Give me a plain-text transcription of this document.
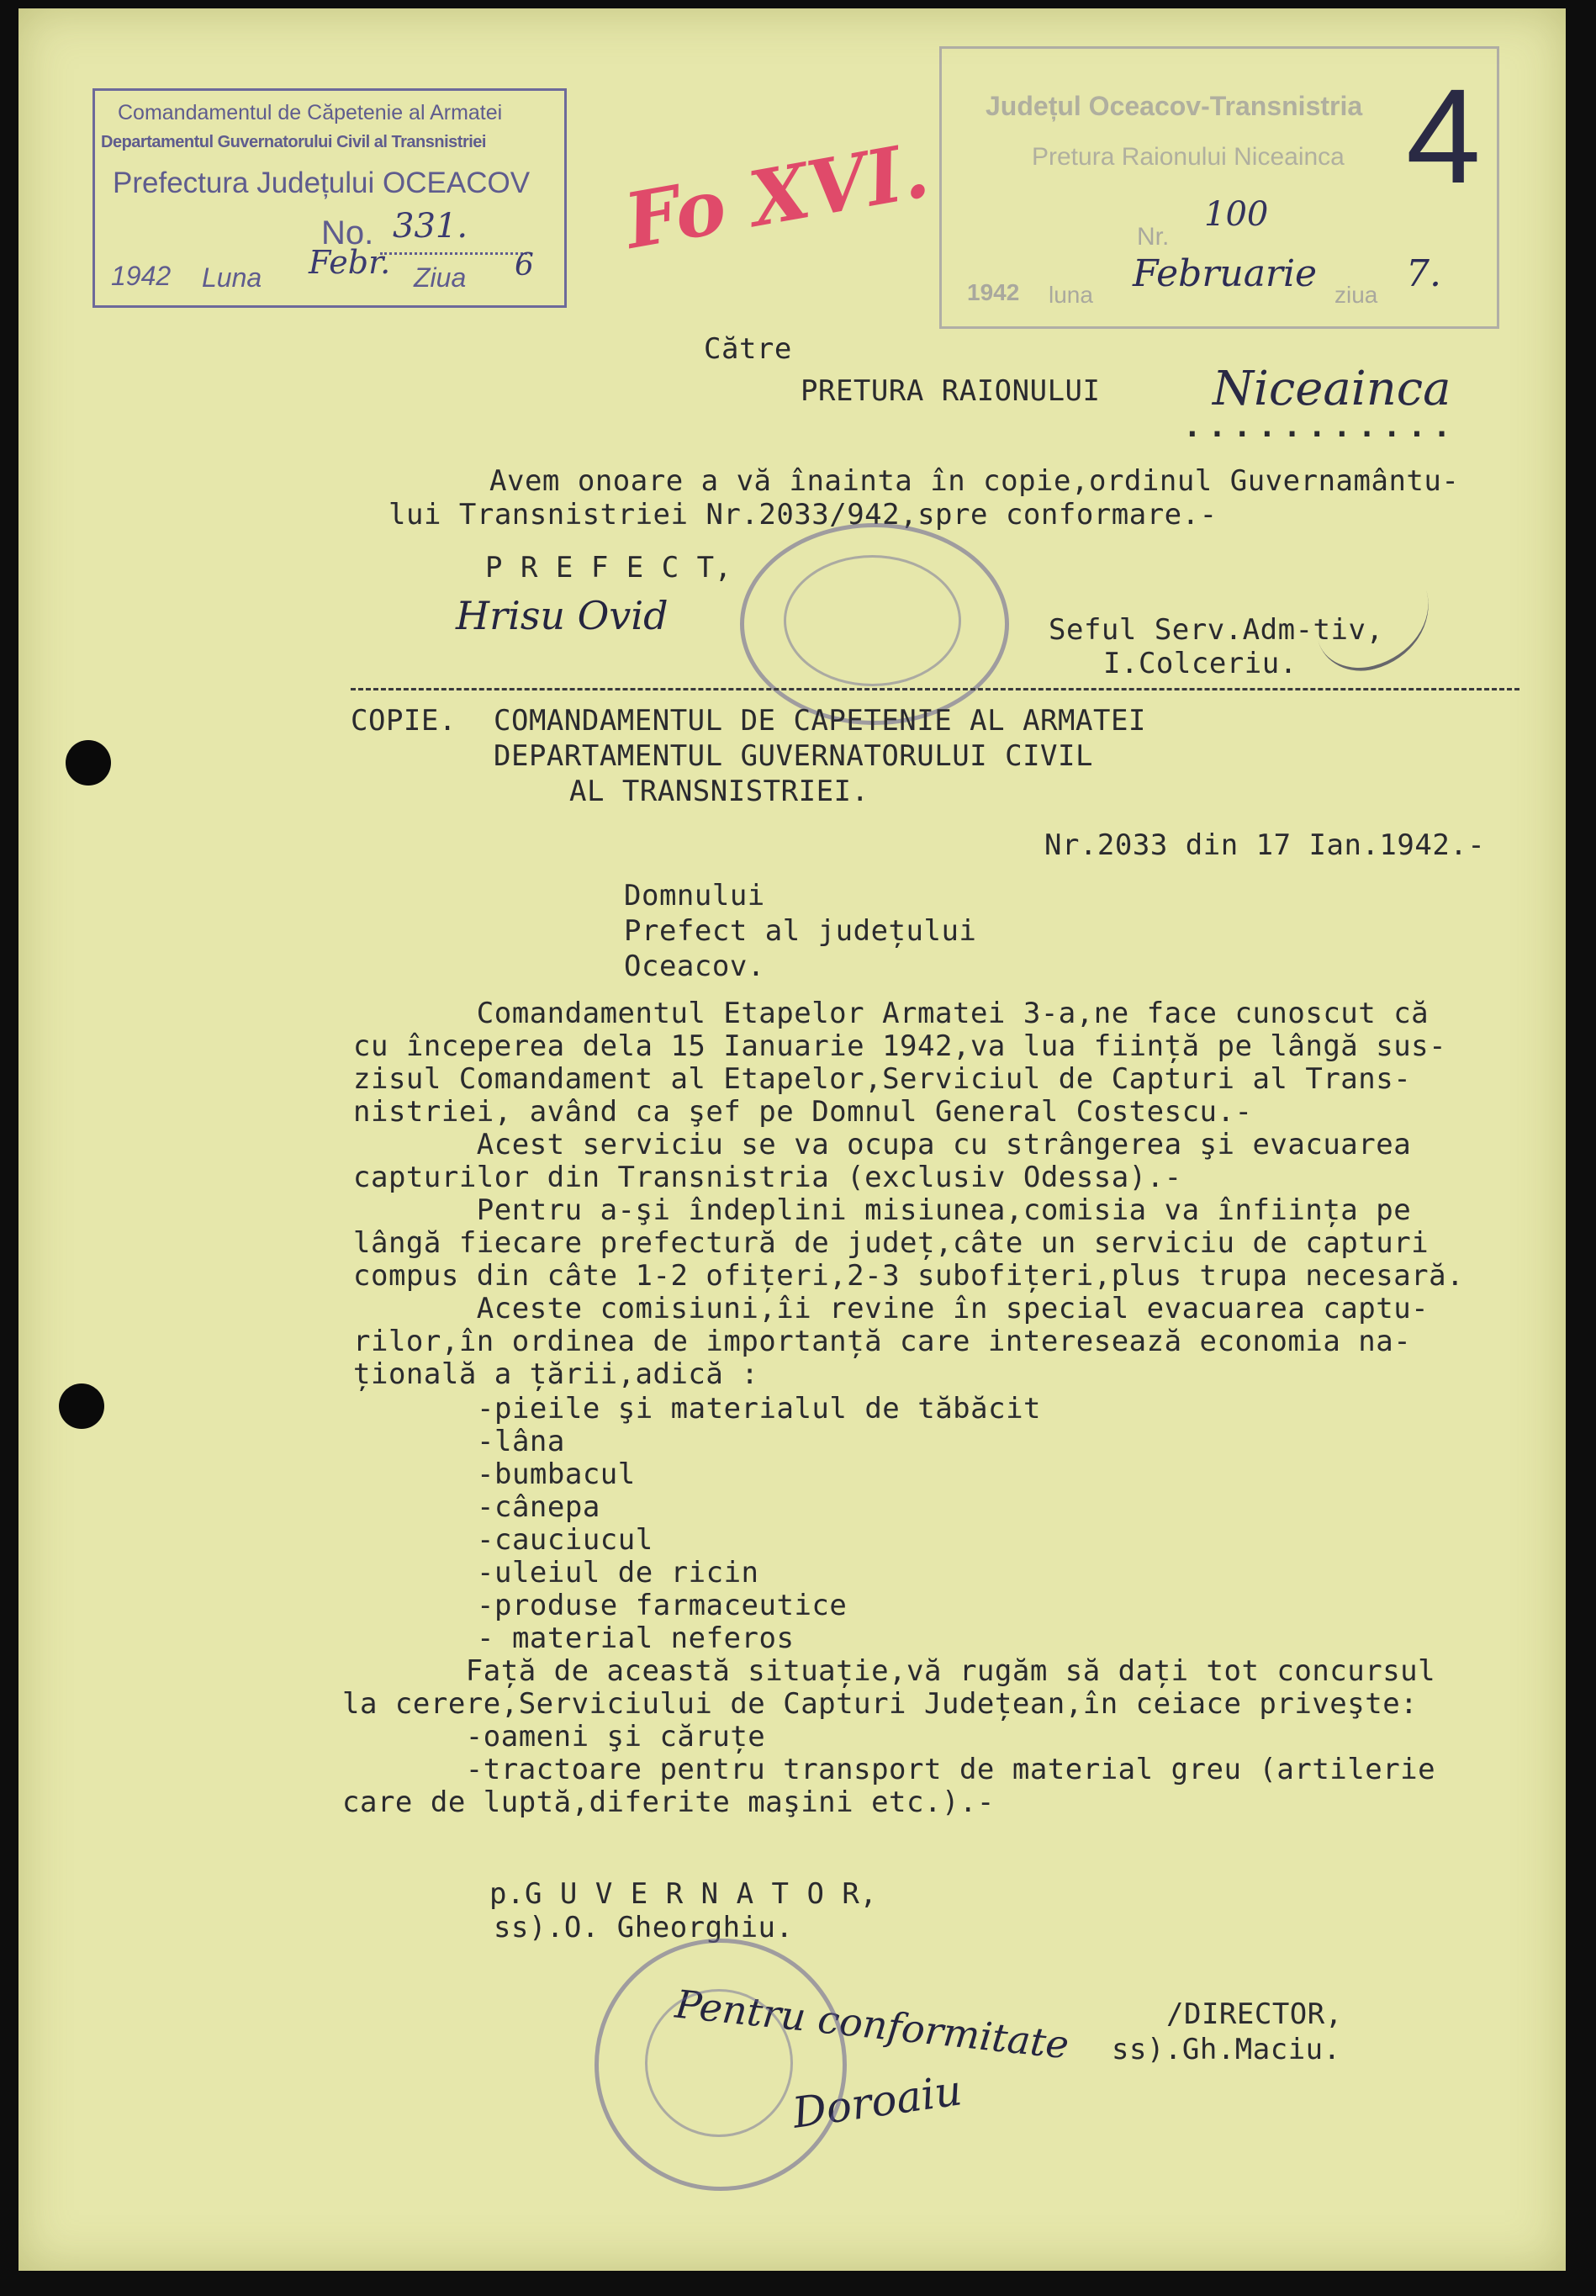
Comandamentul de Căpetenie al Armatei
Departamentul Guvernatorului Civil al Transnistriei
Prefectura Județului OCEACOV
No. 331.
1942 Luna Febr. Ziua 6 Fo XVI.
Județul Oceacov-Transnistria
Pretura Raionului Niceainca
Nr.
100
1942 luna Februarie ziua 7.
4
Către
PRETURA RAIONULUI Niceainca
...........
Avem onoare a vă înainta în copie,ordinul Guvernamântu-
lui Transnistriei Nr.2033/942,spre conformare.-
P R E F E C T,
Hrisu Ovid	Seful Serv.Adm-tiv,
I.Colceriu.
COPIE. COMANDAMENTUL DE CAPETENIE AL ARMATEI
DEPARTAMENTUL GUVERNATORULUI CIVIL
AL TRANSNISTRIEI.
Nr.2033 din 17 Ian.1942.-
Domnului
Prefect al județului
Oceacov.
Comandamentul Etapelor Armatei 3-a,ne face cunoscut că
cu începerea dela 15 Ianuarie 1942,va lua ființă pe lângă sus-
zisul Comandament al Etapelor,Serviciul de Capturi al Trans-
nistriei, având ca şef pe Domnul General Costescu.-
Acest serviciu se va ocupa cu strângerea şi evacuarea
capturilor din Transnistria (exclusiv Odessa).-
Pentru a-şi îndeplini misiunea,comisia va înființa pe
lângă fiecare prefectură de județ,câte un serviciu de capturi
compus din câte 1-2 ofițeri,2-3 subofițeri,plus trupa necesară.
Aceste comisiuni,îi revine în special evacuarea captu-
rilor,în ordinea de importanță care interesează economia na-
țională a țării,adică :
-pieile şi materialul de tăbăcit
-lâna
-bumbacul
-cânepa
-cauciucul
-uleiul de ricin
-produse farmaceutice
- material neferos
Față de această situație,vă rugăm să dați tot concursul
la cerere,Serviciului de Capturi Județean,în ceiace priveşte:
-oameni şi căruțe
-tractoare pentru transport de material greu (artilerie
care de luptă,diferite maşini etc.).-
p.G U V E R N A T O R,
ss).O. Gheorghiu.
/DIRECTOR,
ss).Gh.Maciu.
Pentru conformitate
Doroaiu
